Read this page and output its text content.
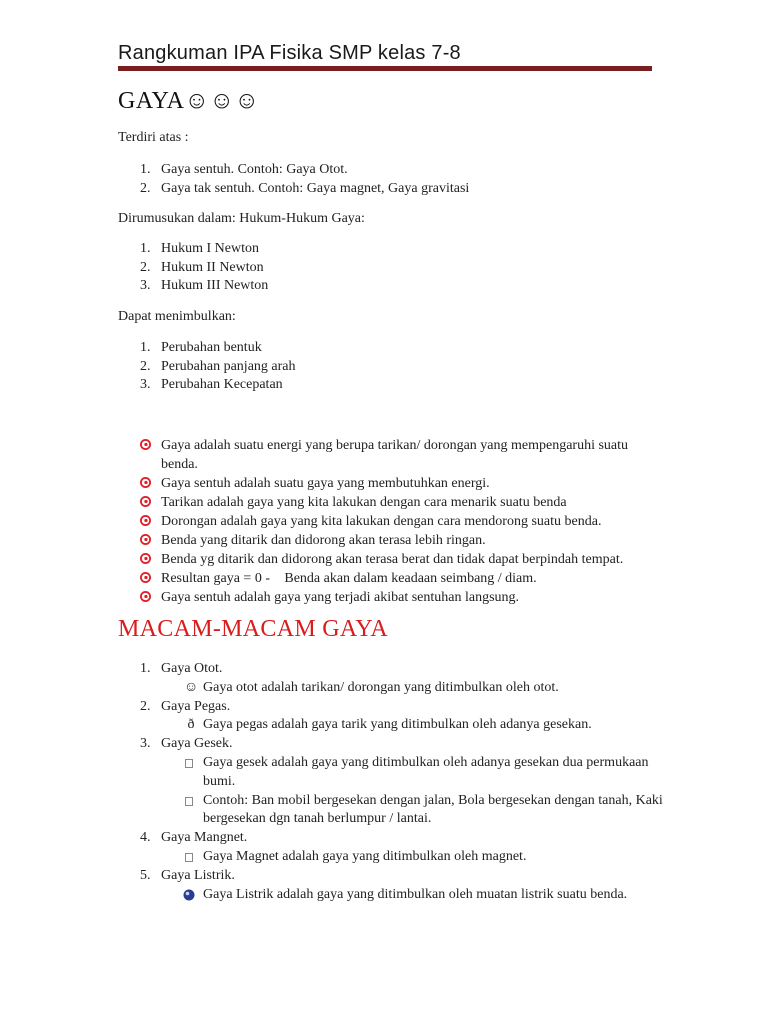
Rangkuman IPA Fisika SMP kelas 7-8
GAYA☺☺☺
Terdiri atas :
1. Gaya sentuh. Contoh: Gaya Otot.
2. Gaya tak sentuh. Contoh: Gaya magnet, Gaya gravitasi
Dirumusukan dalam: Hukum-Hukum Gaya:
1. Hukum I Newton
2. Hukum II Newton
3. Hukum III Newton
Dapat menimbulkan:
1. Perubahan bentuk
2. Perubahan panjang arah
3. Perubahan Kecepatan
Gaya adalah suatu energi yang berupa tarikan/ dorongan yang mempengaruhi suatu benda.
Gaya sentuh adalah suatu gaya yang membutuhkan energi.
Tarikan adalah gaya yang kita lakukan dengan cara menarik suatu benda
Dorongan adalah gaya yang kita lakukan dengan cara mendorong suatu benda.
Benda yang ditarik dan didorong akan terasa lebih ringan.
Benda yg ditarik dan didorong akan terasa berat dan tidak dapat berpindah tempat.
Resultan gaya = 0 -  Benda akan dalam keadaan seimbang / diam.
Gaya sentuh adalah gaya yang terjadi akibat sentuhan langsung.
MACAM-MACAM GAYA
1. Gaya Otot.
☺ Gaya otot adalah tarikan/ dorongan yang ditimbulkan oleh otot.
2. Gaya Pegas.
ð Gaya pegas adalah gaya tarik yang ditimbulkan oleh adanya gesekan.
3. Gaya Gesek.
Gaya gesek adalah gaya yang ditimbulkan oleh adanya gesekan dua permukaan bumi.
Contoh: Ban mobil bergesekan dengan jalan, Bola bergesekan dengan tanah, Kaki bergesekan dgn tanah berlumpur / lantai.
4. Gaya Mangnet.
Gaya Magnet adalah gaya yang ditimbulkan oleh magnet.
5. Gaya Listrik.
Gaya Listrik adalah gaya yang ditimbulkan oleh muatan listrik suatu benda.
